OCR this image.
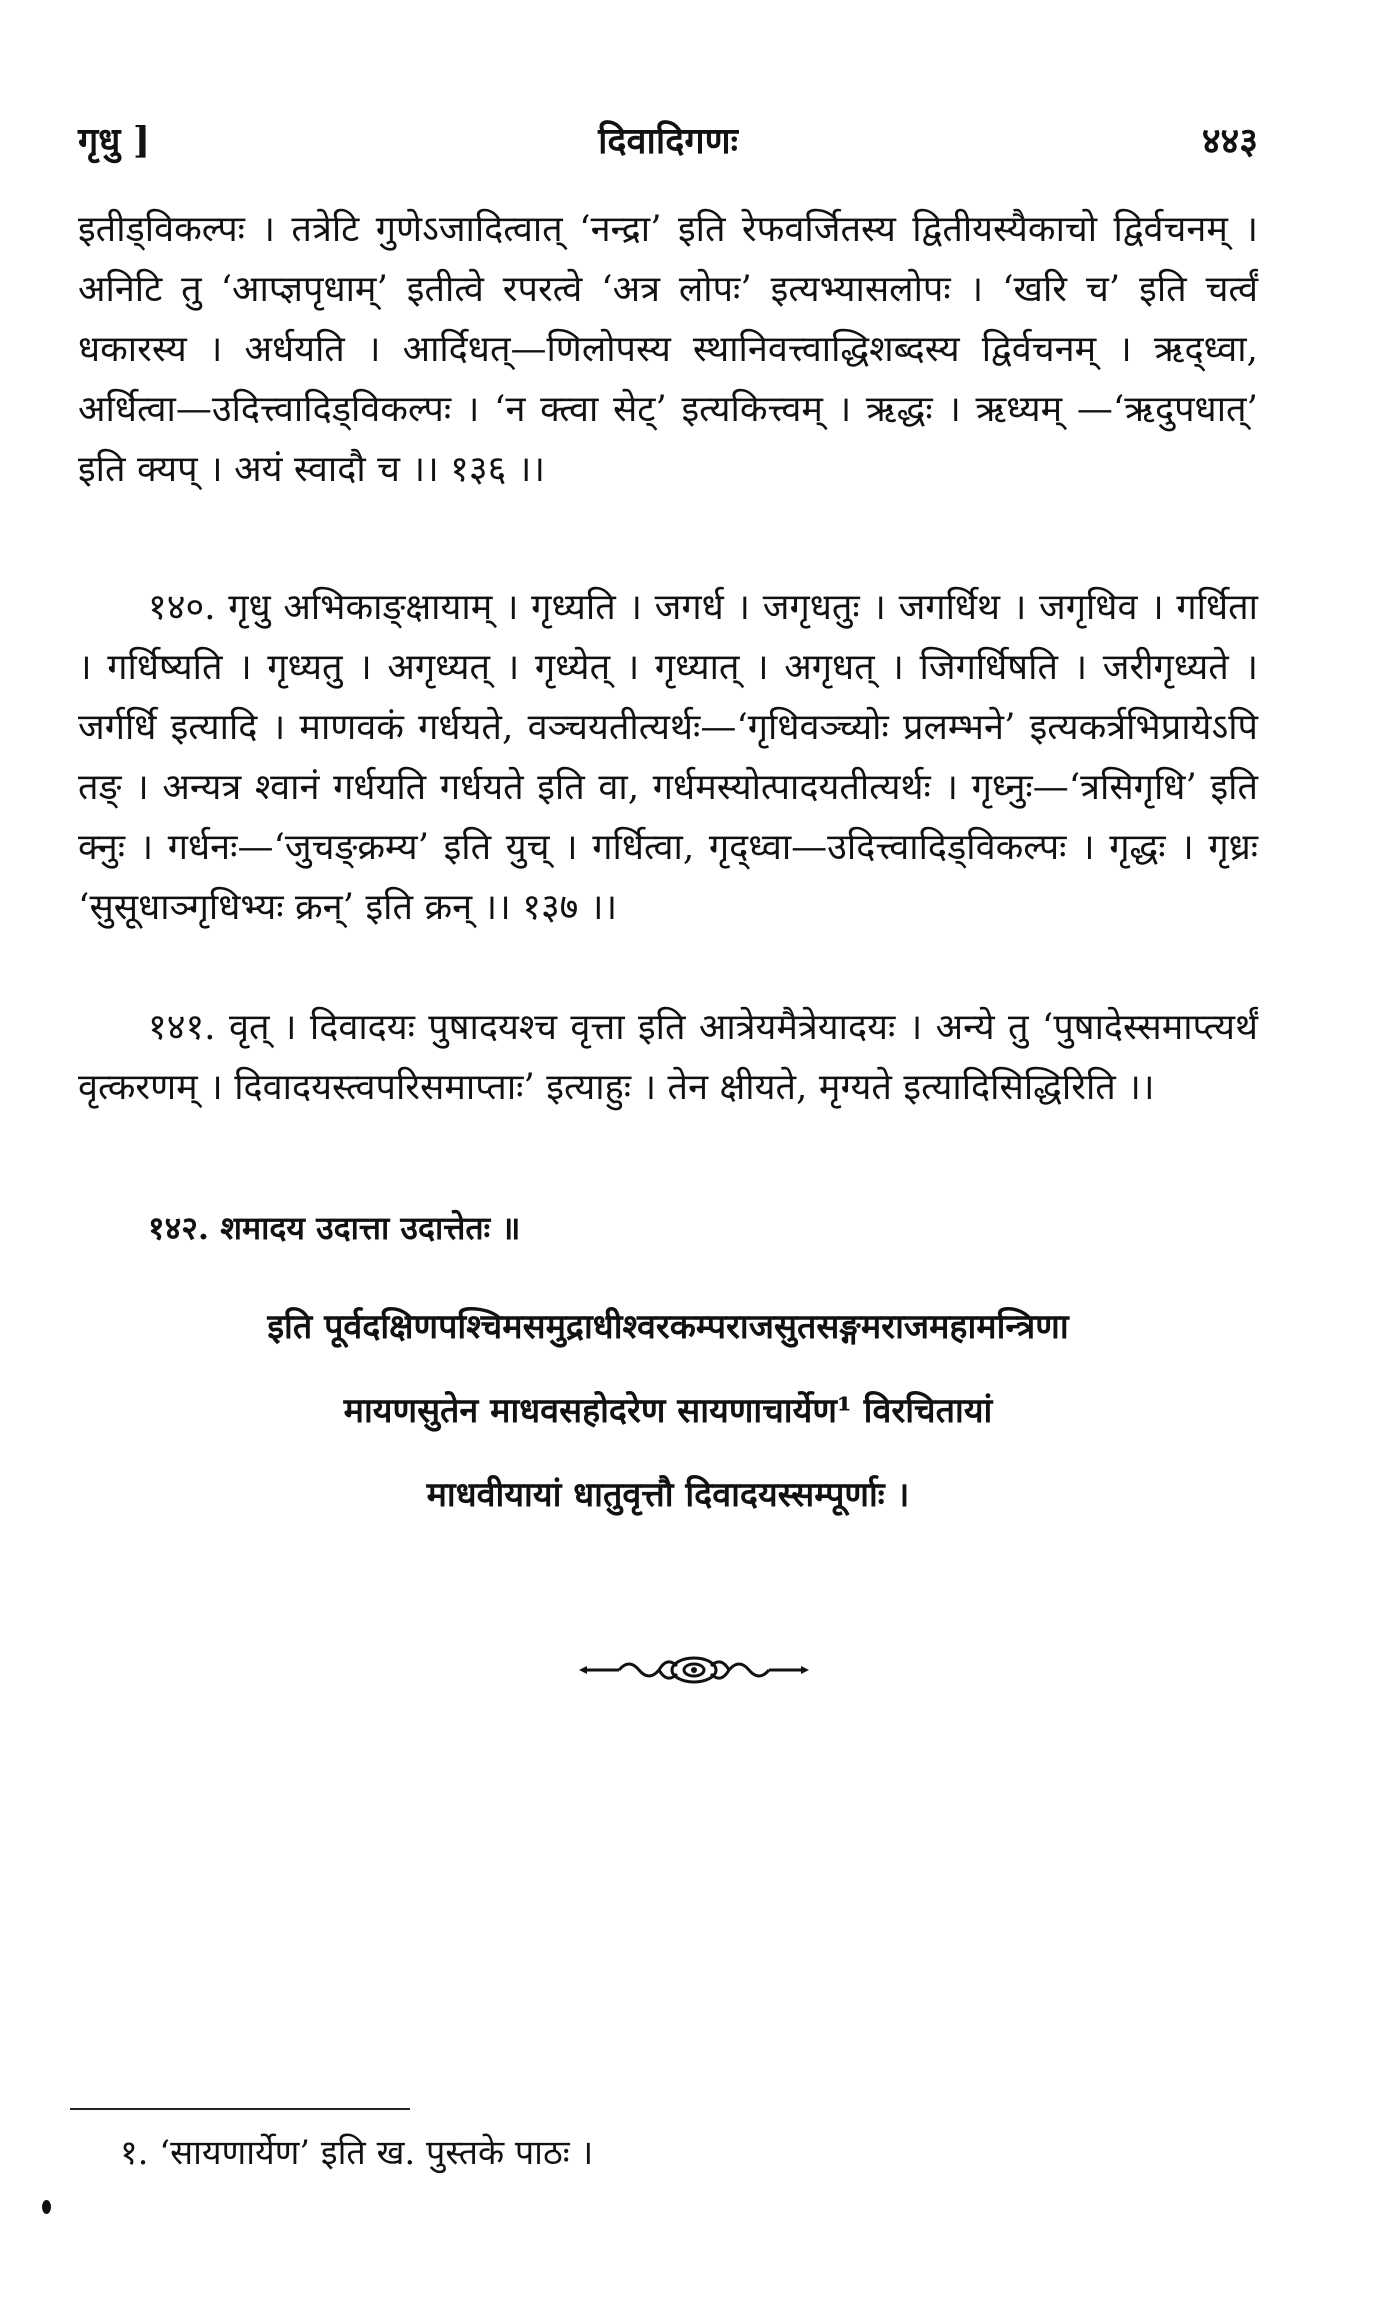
गृधु ]	दिवादिगणः	४४३

इतीड्विकल्पः । तत्रेटि गुणेऽजादित्वात् ‘नन्द्रा’ इति रेफवर्जितस्य द्वितीयस्यैकाचो द्विर्वचनम् । अनिटि तु ‘आप्ज्ञपृधाम्’ इतीत्वे रपरत्वे ‘अत्र लोपः’ इत्यभ्यासलोपः । ‘खरि च’ इति चर्त्वं धकारस्य । अर्धयति । आर्दिधत्—णिलोपस्य स्थानिवत्त्वाद्धिशब्दस्य द्विर्वचनम् । ऋद्ध्वा, अर्धित्वा—उदित्त्वादिड्विकल्पः । ‘न क्त्वा सेट्’ इत्यकित्त्वम् । ऋद्धः । ऋध्यम् —‘ऋदुपधात्’ इति क्यप् । अयं स्वादौ च ।। १३६ ।।

१४०. गृधु अभिकाङ्क्षायाम् । गृध्यति । जगर्ध । जगृधतुः । जगर्धिथ । जगृधिव । गर्धिता । गर्धिष्यति । गृध्यतु । अगृध्यत् । गृध्येत् । गृध्यात् । अगृधत् । जिगर्धिषति । जरीगृध्यते । जर्गर्धि इत्यादि । माणवकं गर्धयते, वञ्चयतीत्यर्थः—‘गृधिवञ्च्योः प्रलम्भने’ इत्यकर्त्रभिप्रायेऽपि तङ् । अन्यत्र श्वानं गर्धयति गर्धयते इति वा, गर्धमस्योत्पादयतीत्यर्थः । गृध्नुः—‘त्रसिगृधि’ इति क्नुः । गर्धनः—‘जुचङ्क्रम्य’ इति युच् । गर्धित्वा, गृद्ध्वा—उदित्त्वादिड्विकल्पः । गृद्धः । गृध्रः ‘सुसूधाञ्गृधिभ्यः क्रन्’ इति क्रन् ।। १३७ ।।

१४१. वृत् । दिवादयः पुषादयश्च वृत्ता इति आत्रेयमैत्रेयादयः । अन्ये तु ‘पुषादेस्समाप्त्यर्थं वृत्करणम् । दिवादयस्त्वपरिसमाप्ताः’ इत्याहुः । तेन क्षीयते, मृग्यते इत्यादिसिद्धिरिति ।।

१४२. शमादय उदात्ता उदात्तेतः ॥

इति पूर्वदक्षिणपश्चिमसमुद्राधीश्वरकम्पराजसुतसङ्गमराजमहामन्त्रिणा
मायणसुतेन माधवसहोदरेण सायणाचार्येण¹ विरचितायां
माधवीयायां धातुवृत्तौ दिवादयस्सम्पूर्णाः ।
१. ‘सायणार्येण’ इति ख. पुस्तके पाठः ।
